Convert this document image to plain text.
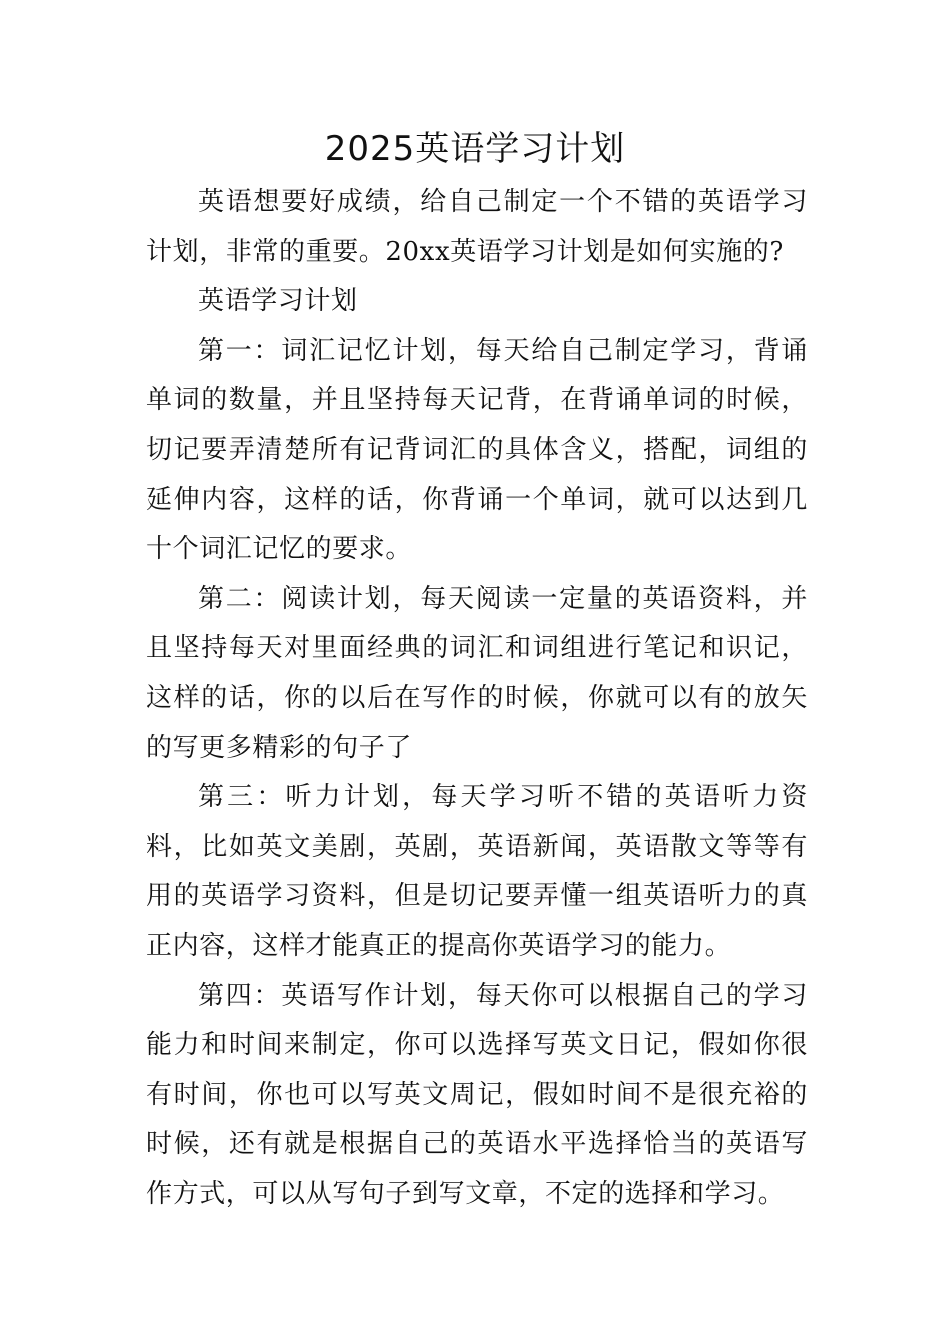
2025英语学习计划

英语想要好成绩，给自己制定一个不错的英语学习计划，非常的重要。20xx英语学习计划是如何实施的?

英语学习计划

第一：词汇记忆计划，每天给自己制定学习，背诵单词的数量，并且坚持每天记背，在背诵单词的时候，切记要弄清楚所有记背词汇的具体含义，搭配，词组的延伸内容，这样的话，你背诵一个单词，就可以达到几十个词汇记忆的要求。

第二：阅读计划，每天阅读一定量的英语资料，并且坚持每天对里面经典的词汇和词组进行笔记和识记，这样的话，你的以后在写作的时候，你就可以有的放矢的写更多精彩的句子了

第三：听力计划，每天学习听不错的英语听力资料，比如英文美剧，英剧，英语新闻，英语散文等等有用的英语学习资料，但是切记要弄懂一组英语听力的真正内容，这样才能真正的提高你英语学习的能力。

第四：英语写作计划，每天你可以根据自己的学习能力和时间来制定，你可以选择写英文日记，假如你很有时间，你也可以写英文周记，假如时间不是很充裕的时候，还有就是根据自己的英语水平选择恰当的英语写作方式，可以从写句子到写文章，不定的选择和学习。
